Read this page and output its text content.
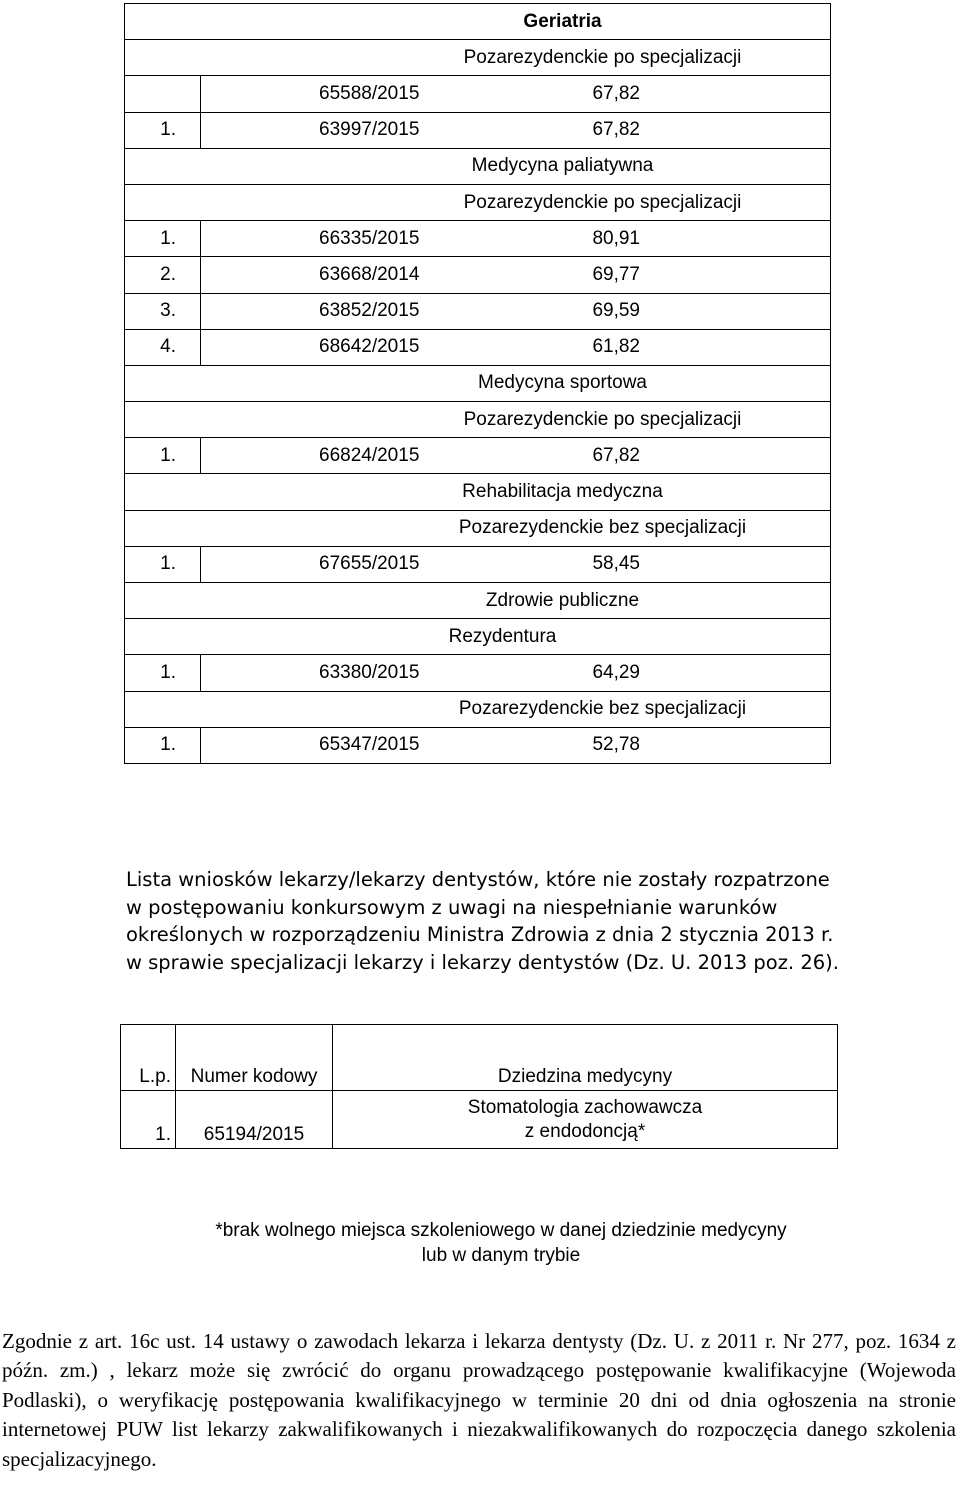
Geriatria	
Pozarezydenckie po specjalizacji	
	65588/2015 67,82

1.	63997/2015 67,82

Medycyna paliatywna	
Pozarezydenckie po specjalizacji	
1.	66335/2015 80,91

2.	63668/2014 69,77

3.	63852/2015 69,59

4.	68642/2015 61,82

Medycyna sportowa	
Pozarezydenckie po specjalizacji	
1.	66824/2015 67,82

Rehabilitacja medyczna	
Pozarezydenckie bez specjalizacji	
1.	67655/2015 58,45

Zdrowie publiczne	
Rezydentura	
1.	63380/2015 64,29

Pozarezydenckie bez specjalizacji	
1.	65347/2015 52,78
Lista wniosków lekarzy/lekarzy dentystów, które nie zostały rozpatrzone w postępowaniu konkursowym z uwagi na niespełnianie warunków określonych w rozporządzeniu Ministra Zdrowia z dnia 2 stycznia 2013 r. w sprawie specjalizacji lekarzy i lekarzy dentystów (Dz. U. 2013 poz. 26).
L.p.	Numer kodowy	Dziedzina medycyny
1.	65194/2015	Stomatologia zachowawcza
z endodoncją*
*brak wolnego miejsca szkoleniowego w danej dziedzinie medycyny
lub w danym trybie
Zgodnie z art. 16c ust. 14 ustawy o zawodach lekarza i lekarza dentysty (Dz. U. z 2011 r. Nr 277, poz. 1634 z późn. zm.) , lekarz może się zwrócić do organu prowadzącego postępowanie kwalifikacyjne (Wojewoda Podlaski), o weryfikację postępowania kwalifikacyjnego w terminie 20 dni od dnia ogłoszenia na stronie internetowej PUW list lekarzy zakwalifikowanych i niezakwalifikowanych do rozpoczęcia danego szkolenia specjalizacyjnego.
